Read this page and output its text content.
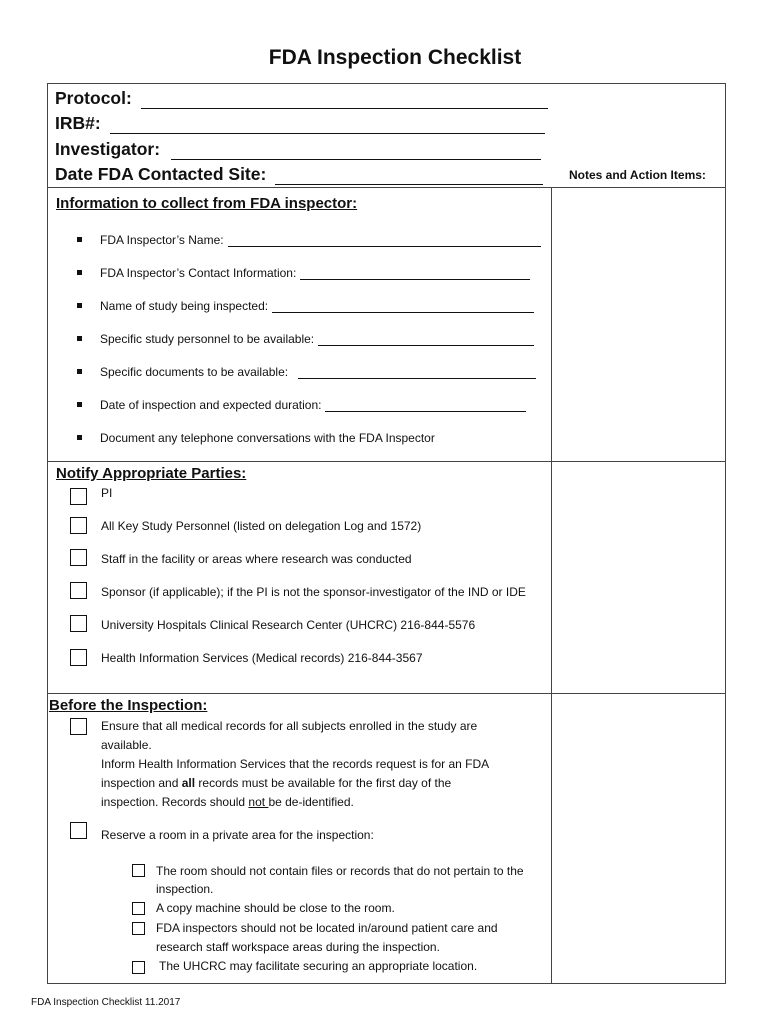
FDA Inspection Checklist
Protocol:
IRB#:
Investigator:
Date FDA Contacted Site:	Notes and Action Items:
Information to collect from FDA inspector:
FDA Inspector’s Name:
FDA Inspector’s Contact Information:
Name of study being inspected:
Specific study personnel to be available:
Specific documents to be available:
Date of inspection and expected duration:
Document any telephone conversations with the FDA Inspector
Notify Appropriate Parties:
PI
All Key Study Personnel (listed on delegation Log and 1572)
Staff in the facility or areas where research was conducted
Sponsor (if applicable); if the PI is not the sponsor-investigator of the IND or IDE
University Hospitals Clinical Research Center (UHCRC) 216-844-5576
Health Information Services (Medical records) 216-844-3567
Before the Inspection:
Ensure that all medical records for all subjects enrolled in the study are
available.
Inform Health Information Services that the records request is for an FDA
inspection and all records must be available for the first day of the
inspection. Records should not be de-identified.
Reserve a room in a private area for the inspection:
The room should not contain files or records that do not pertain to the
inspection.
A copy machine should be close to the room.
FDA inspectors should not be located in/around patient care and
research staff workspace areas during the inspection.
The UHCRC may facilitate securing an appropriate location.
FDA Inspection Checklist 11.2017
